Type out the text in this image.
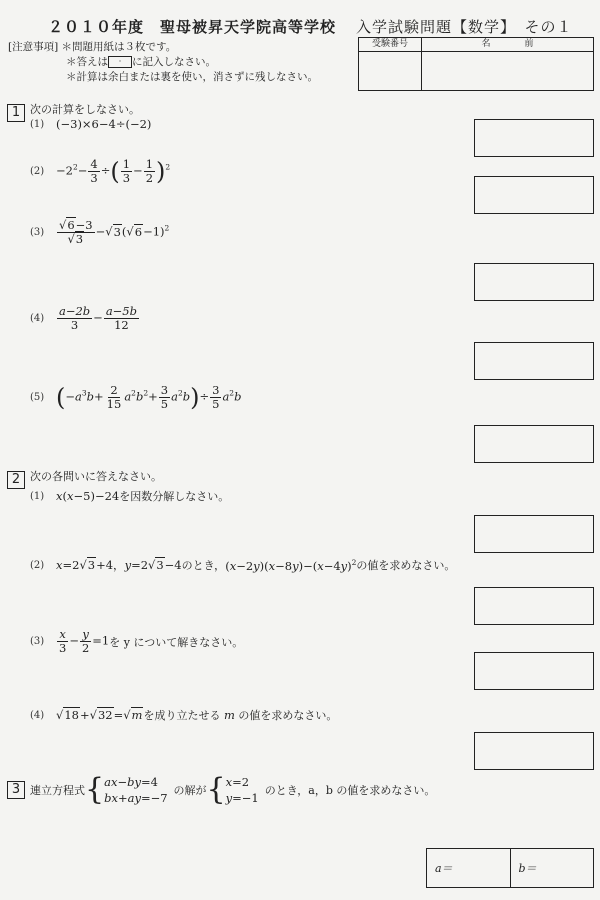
２０１０年度　聖母被昇天学院高等学校 入学試験問題【数学】　その１
[注意事項] ＊問題用紙は３枚です。
＊答えは · に記入しなさい。
＊計算は余白または裏を使い，消さずに残しなさい。
受験番号	名前
1 次の計算をしなさい。
(1)	(−3)×6−4÷(−2)
(2)	$-2^2- \frac{4}{3}$ ÷( $\frac{1}{3} - \frac{1}{2} )^2$
(3)	$\frac{√6-3}{√3} -√3(√6-1)^2$
(4)	$\frac{a-2b}{3} - \frac{a-5b}{12}$
(5) $(-a^3b+ \frac{2}{15} a^2b^2+ \frac{3}{5} a^2b)\div \frac{3}{5} a^2b$
2 次の各問いに答えなさい。
(1)	x(x−5)−24 を因数分解しなさい。
(2)	x=2√3+4，y=2√3−4 のとき， $(x-2y)(x-8y)-(x-4y)^2$ の値を求めなさい。
(3)	$\frac{x}{3} - \frac{y}{2} =1$ を y について解きなさい。
(4)	√18+√32=√m を成り立たせる
m
の値を求めなさい。
3 連立方程式 { ax−by=4
bx+ay=−7
の解が { x=2
y=−1
のとき，a，b の値を求めなさい。
a＝	b＝
